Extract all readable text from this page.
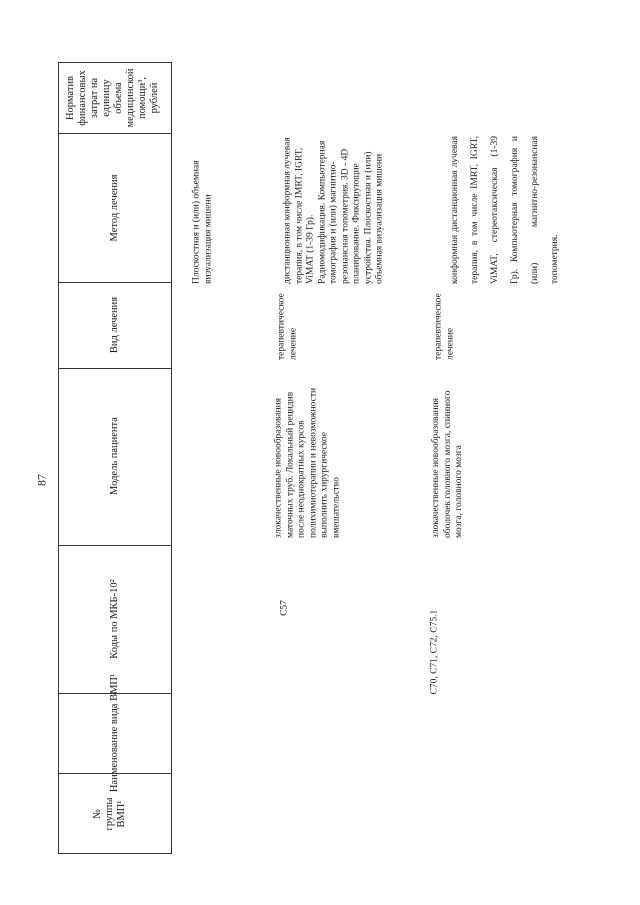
87
Норматив
финансовых
затрат на
единицу
объема
медицинской
помощи³,
рублей
Метод лечения
Вид лечения
Модель пациента
Коды по МКБ-10²
Наименование вида ВМП¹
№
группы
ВМП¹
Плоскостная и (или) объемная визуализация мишени
C57
злокачественные новообразования маточных труб. Локальный рецидив после неоднократных курсов полихимиотерапии и невозможности выполнить хирургическое вмешательство
терапевтическое лечение
дистанционная конформная лучевая терапия, в том числе IMRT, IGRT, ViMAT (1-39 Гр). Радиомодификация. Компьютерная томография и (или) магнитно-резонансная топометрия. 3D - 4D планирование. Фиксирующие устройства. Плоскостная и (или) объемная визуализация мишени
C70, C71, C72, C75.1
злокачественные новообразования оболочек головного мозга, спинного мозга, головного мозга
терапевтическое лечение
конформная дистанционная лучевая терапия, в том числе IMRT, IGRT, ViMAT, стереотаксическая (1-39 Гр). Компьютерная томография и (или) магнитно-резонансная топометрия.
